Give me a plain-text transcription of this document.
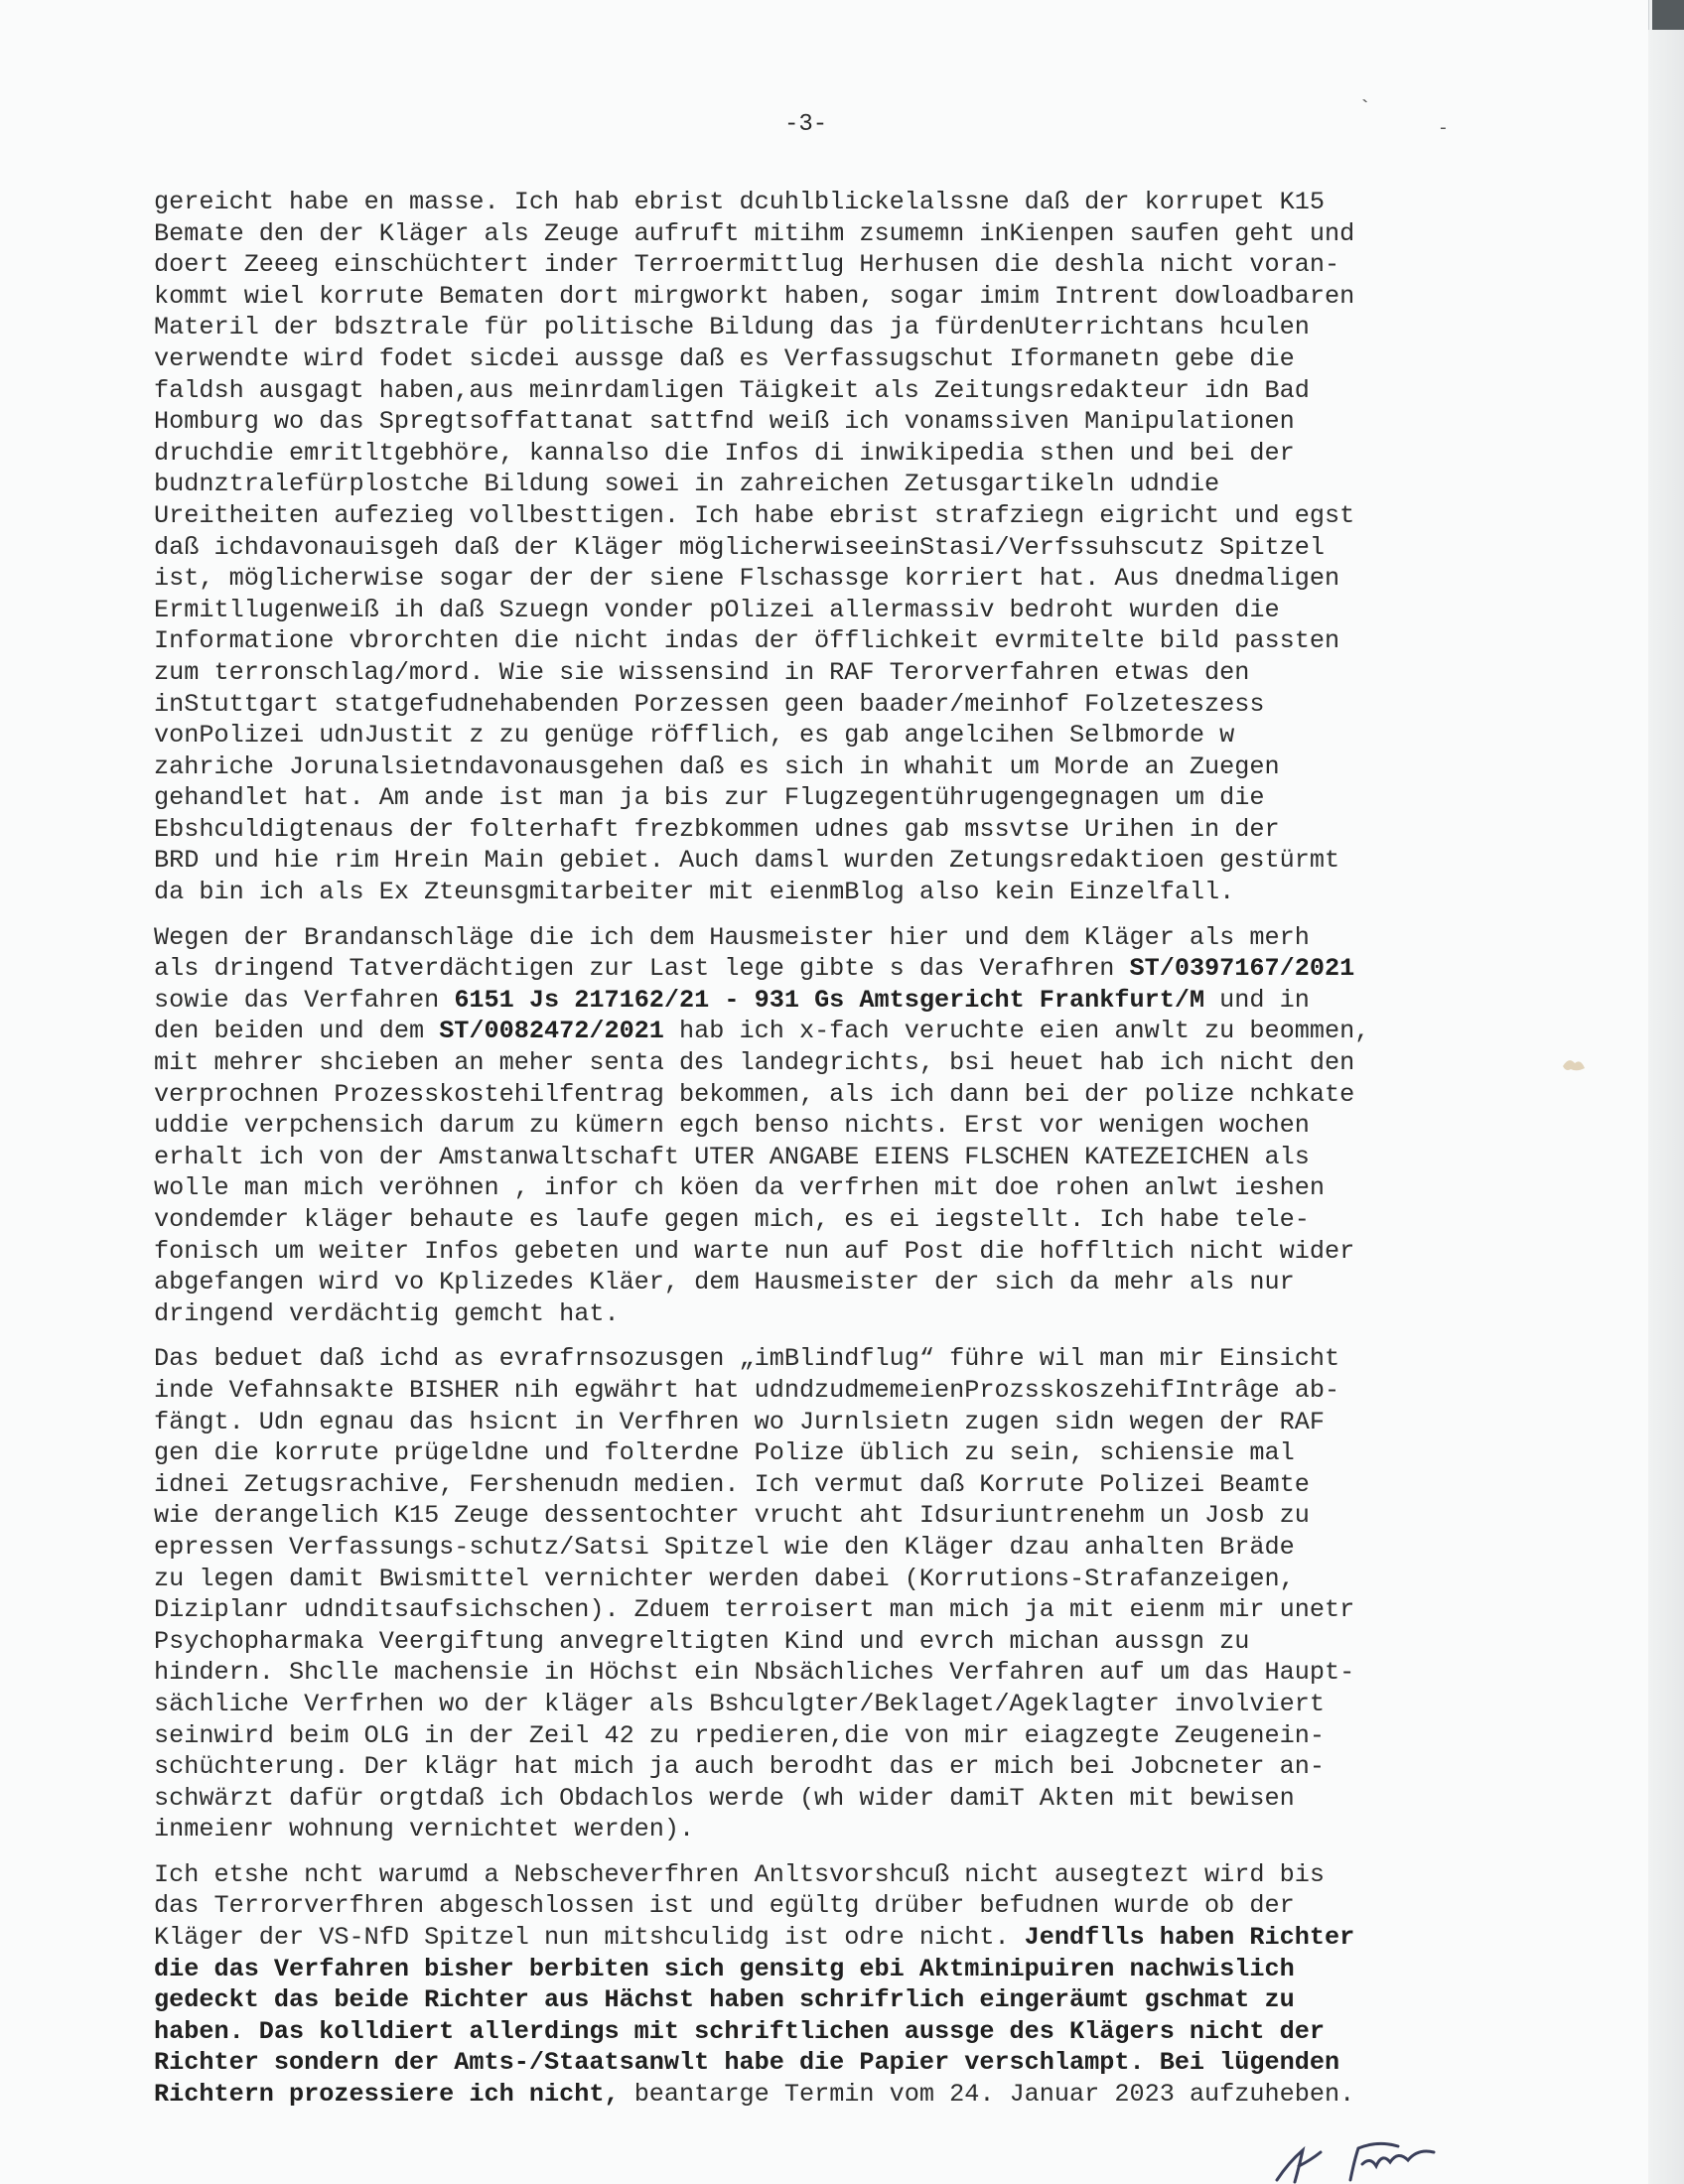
-3-
`
-
gereicht habe en masse. Ich hab ebrist dcuhlblickelalssne daß der korrupet K15
Bemate den der Kläger als Zeuge aufruft mitihm zsumemn inKienpen saufen geht und
doert Zeeeg einschüchtert inder Terroermittlug Herhusen die deshla nicht voran-
kommt wiel korrute Bematen dort mirgworkt haben, sogar imim Intrent dowloadbaren
Materil der bdsztrale für politische Bildung das ja fürdenUterrichtans hculen
verwendte wird fodet sicdei aussge daß es Verfassugschut Iformanetn gebe die
faldsh ausgagt haben,aus meinrdamligen Täigkeit als Zeitungsredakteur idn Bad
Homburg wo das Spregtsoffattanat sattfnd weiß ich vonamssiven Manipulationen
druchdie emritltgebhöre, kannalso die Infos di inwikipedia sthen und bei der
budnztralefürplostche Bildung sowei in zahreichen Zetusgartikeln udndie
Ureitheiten aufezieg vollbesttigen. Ich habe ebrist strafziegn eigricht und egst
daß ichdavonauisgeh daß der Kläger möglicherwiseeinStasi/Verfssuhscutz Spitzel
ist, möglicherwise sogar der der siene Flschassge korriert hat. Aus dnedmaligen
Ermitllugenweiß ih daß Szuegn vonder pOlizei allermassiv bedroht wurden die
Informatione vbrorchten die nicht indas der öfflichkeit evrmitelte bild passten
zum terronschlag/mord. Wie sie wissensind in RAF Terorverfahren etwas den
inStuttgart statgefudnehabenden Porzessen geen baader/meinhof Folzeteszess
vonPolizei udnJustit z zu genüge röfflich, es gab angelcihen Selbmorde w
zahriche Jorunalsietndavonausgehen daß es sich in whahit um Morde an Zuegen
gehandlet hat. Am ande ist man ja bis zur Flugzegentührugengegnagen um die
Ebshculdigtenaus der folterhaft frezbkommen udnes gab mssvtse Urihen in der
BRD und hie rim Hrein Main gebiet. Auch damsl wurden Zetungsredaktioen gestürmt
da bin ich als Ex Zteunsgmitarbeiter mit eienmBlog also kein Einzelfall.
Wegen der Brandanschläge die ich dem Hausmeister hier und dem Kläger als merh
als dringend Tatverdächtigen zur Last lege gibte s das Verafhren ST/0397167/2021
sowie das Verfahren 6151 Js 217162/21 - 931 Gs Amtsgericht Frankfurt/M und in
den beiden und dem ST/0082472/2021 hab ich x-fach veruchte eien anwlt zu beommen,
mit mehrer shcieben an meher senta des landegrichts, bsi heuet hab ich nicht den
verprochnen Prozesskostehilfentrag bekommen, als ich dann bei der polize nchkate
uddie verpchensich darum zu kümern egch benso nichts. Erst vor wenigen wochen
erhalt ich von der Amstanwaltschaft UTER ANGABE EIENS FLSCHEN KATEZEICHEN als
wolle man mich veröhnen , infor ch köen da verfrhen mit doe rohen anlwt ieshen
vondemder kläger behaute es laufe gegen mich, es ei iegstellt. Ich habe tele-
fonisch um weiter Infos gebeten und warte nun auf Post die hoffltich nicht wider
abgefangen wird vo Kplizedes Kläer, dem Hausmeister der sich da mehr als nur
dringend verdächtig gemcht hat.
Das beduet daß ichd as evrafrnsozusgen „imBlindflug“ führe wil man mir Einsicht
inde Vefahnsakte BISHER nih egwährt hat udndzudmemeienProzsskoszehifIntrâge ab-
fängt. Udn egnau das hsicnt in Verfhren wo Jurnlsietn zugen sidn wegen der RAF
gen die korrute prügeldne und folterdne Polize üblich zu sein, schiensie mal
idnei Zetugsrachive, Fershenudn medien. Ich vermut daß Korrute Polizei Beamte
wie derangelich K15 Zeuge dessentochter vrucht aht Idsuriuntrenehm un Josb zu
epressen Verfassungs-schutz/Satsi Spitzel wie den Kläger dzau anhalten Bräde
zu legen damit Bwismittel vernichter werden dabei (Korrutions-Strafanzeigen,
Diziplanr udnditsaufsichschen). Zduem terroisert man mich ja mit eienm mir unetr
Psychopharmaka Veergiftung anvegreltigten Kind und evrch michan aussgn zu
hindern. Shclle machensie in Höchst ein Nbsächliches Verfahren auf um das Haupt-
sächliche Verfrhen wo der kläger als Bshculgter/Beklaget/Ageklagter involviert
seinwird beim OLG in der Zeil 42 zu rpedieren,die von mir eiagzegte Zeugenein-
schüchterung. Der klägr hat mich ja auch berodht das er mich bei Jobcneter an-
schwärzt dafür orgtdaß ich Obdachlos werde (wh wider damiT Akten mit bewisen
inmeienr wohnung vernichtet werden).
Ich etshe ncht warumd a Nebscheverfhren Anltsvorshcuß nicht ausegtezt wird bis
das Terrorverfhren abgeschlossen ist und egültg drüber befudnen wurde ob der
Kläger der VS-NfD Spitzel nun mitshculidg ist odre nicht. Jendflls haben Richter
die das Verfahren bisher berbiten sich gensitg ebi Aktminipuiren nachwislich
gedeckt das beide Richter aus Hächst haben schrifrlich eingeräumt gschmat zu
haben. Das kolldiert allerdings mit schriftlichen aussge des Klägers nicht der
Richter sondern der Amts-/Staatsanwlt habe die Papier verschlampt. Bei lügenden
Richtern prozessiere ich nicht, beantarge Termin vom 24. Januar 2023 aufzuheben.
